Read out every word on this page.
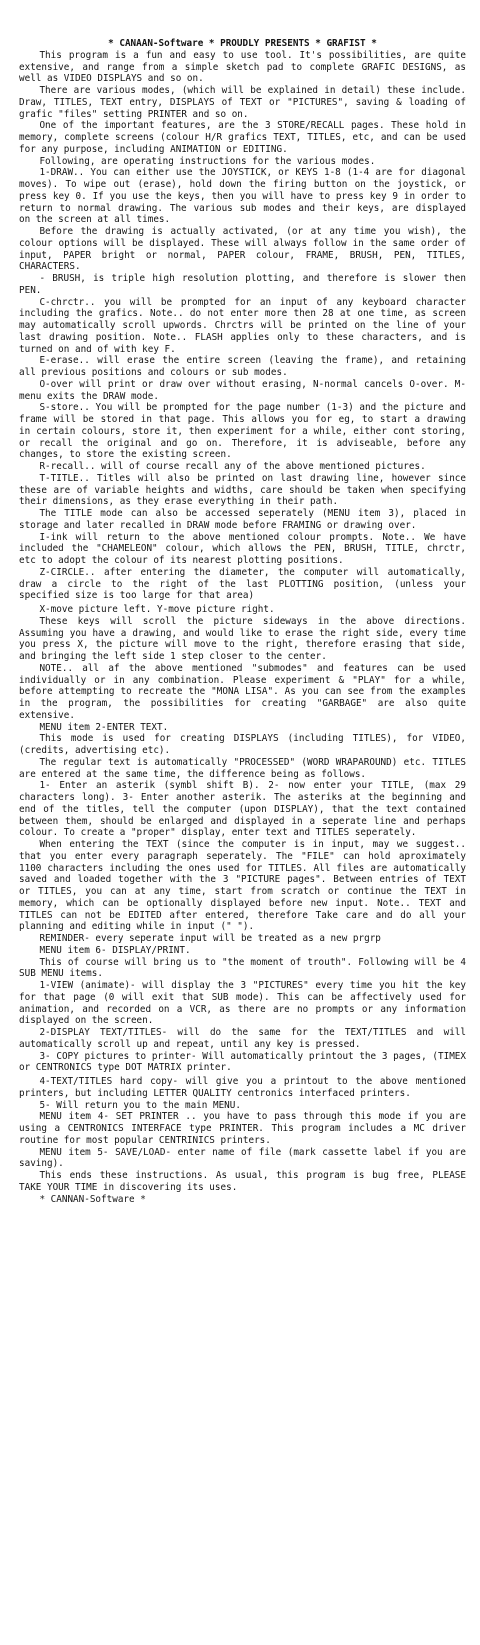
* CANAAN-Software * PROUDLY PRESENTS * GRAFIST *

This program is a fun and easy to use tool. It's possibilities, are quite extensive, and range from a simple sketch pad to complete GRAFIC DESIGNS, as well as VIDEO DISPLAYS and so on.

There are various modes, (which will be explained in detail) these include. Draw, TITLES, TEXT entry, DISPLAYS of TEXT or "PICTURES", saving & loading of grafic "files" setting PRINTER and so on.

One of the important features, are the 3 STORE/RECALL pages. These hold in memory, complete screens (colour H/R grafics TEXT, TITLES, etc, and can be used for any purpose, including ANIMATION or EDITING.

Following, are operating instructions for the various modes.

1-DRAW.. You can either use the JOYSTICK, or KEYS 1-8 (1-4 are for diagonal moves). To wipe out (erase), hold down the firing button on the joystick, or press key 0. If you use the keys, then you will have to press key 9 in order to return to normal drawing. The various sub modes and their keys, are displayed on the screen at all times.

Before the drawing is actually activated, (or at any time you wish), the colour options will be displayed. These will always follow in the same order of input, PAPER bright or normal, PAPER colour, FRAME, BRUSH, PEN, TITLES, CHARACTERS.

- BRUSH, is triple high resolution plotting, and therefore is slower then PEN.

C-chrctr.. you will be prompted for an input of any keyboard character including the grafics. Note.. do not enter more then 28 at one time, as screen may automatically scroll upwords. Chrctrs will be printed on the line of your last drawing position. Note.. FLASH applies only to these characters, and is turned on and of with key F.

E-erase.. will erase the entire screen (leaving the frame), and retaining all previous positions and colours or sub modes.

O-over will print or draw over without erasing, N-normal cancels O-over. M-menu exits the DRAW mode.

S-store.. You will be prompted for the page number (1-3) and the picture and frame will be stored in that page. This allows you for eg, to start a drawing in certain colours, store it, then experiment for a while, either cont storing, or recall the original and go on. Therefore, it is adviseable, before any changes, to store the existing screen.

R-recall.. will of course recall any of the above mentioned pictures.

T-TITLE.. Titles will also be printed on last drawing line, however since these are of variable heights and widths, care should be taken when specifying their dimensions, as they erase everything in their path.

The TITLE mode can also be accessed seperately (MENU item 3), placed in storage and later recalled in DRAW mode before FRAMING or drawing over.

I-ink will return to the above mentioned colour prompts. Note.. We have included the "CHAMELEON" colour, which allows the PEN, BRUSH, TITLE, chrctr, etc to adopt the colour of its nearest plotting positions.

Z-CIRCLE.. after entering the diameter, the computer will automatically, draw a circle to the right of the last PLOTTING position, (unless your specified size is too large for that area)

X-move picture left. Y-move picture right.

These keys will scroll the picture sideways in the above directions. Assuming you have a drawing, and would like to erase the right side, every time you press X, the picture will move to the right, therefore erasing that side, and bringing the left side 1 step closer to the center.

NOTE.. all af the above mentioned "submodes" and features can be used individually or in any combination. Please experiment & "PLAY" for a while, before attempting to recreate the "MONA LISA". As you can see from the examples in the program, the possibilities for creating "GARBAGE" are also quite extensive.

MENU item 2-ENTER TEXT.

This mode is used for creating DISPLAYS (including TITLES), for VIDEO, (credits, advertising etc).

The regular text is automatically "PROCESSED" (WORD WRAPAROUND) etc. TITLES are entered at the same time, the difference being as follows.

1- Enter an asterik (symbl shift B). 2- now enter your TITLE, (max 29 characters long). 3- Enter another asterik. The asteriks at the beginning and end of the titles, tell the computer (upon DISPLAY), that the text contained between them, should be enlarged and displayed in a seperate line and perhaps colour. To create a "proper" display, enter text and TITLES seperately.

When entering the TEXT (since the computer is in input, may we suggest.. that you enter every paragraph seperately. The "FILE" can hold aproximately 1100 characters including the ones used for TITLES. All files are automatically saved and loaded together with the 3 "PICTURE pages". Between entries of TEXT or TITLES, you can at any time, start from scratch or continue the TEXT in memory, which can be optionally displayed before new input. Note.. TEXT and TITLES can not be EDITED after entered, therefore Take care and do all your planning and editing while in input (" ").

REMINDER- every seperate input will be treated as a new prgrp

MENU item 6- DISPLAY/PRINT.

This of course will bring us to "the moment of trouth". Following will be 4 SUB MENU items.

1-VIEW (animate)- will display the 3 "PICTURES" every time you hit the key for that page (0 will exit that SUB mode). This can be affectively used for animation, and recorded on a VCR, as there are no prompts or any information displayed on the screen.

2-DISPLAY TEXT/TITLES- will do the same for the TEXT/TITLES and will automatically scroll up and repeat, until any key is pressed.

3- COPY pictures to printer- Will automatically printout the 3 pages, (TIMEX or CENTRONICS type DOT MATRIX printer.

4-TEXT/TITLES hard copy- will give you a printout to the above mentioned printers, but including LETTER QUALITY centronics interfaced printers.

5- Will return you to the main MENU.

MENU item 4- SET PRINTER .. you have to pass through this mode if you are using a CENTRONICS INTERFACE type PRINTER. This program includes a MC driver routine for most popular CENTRINICS printers.

MENU item 5- SAVE/LOAD- enter name of file (mark cassette label if you are saving).

This ends these instructions. As usual, this program is bug free, PLEASE TAKE YOUR TIME in discovering its uses.

* CANNAN-Software *
